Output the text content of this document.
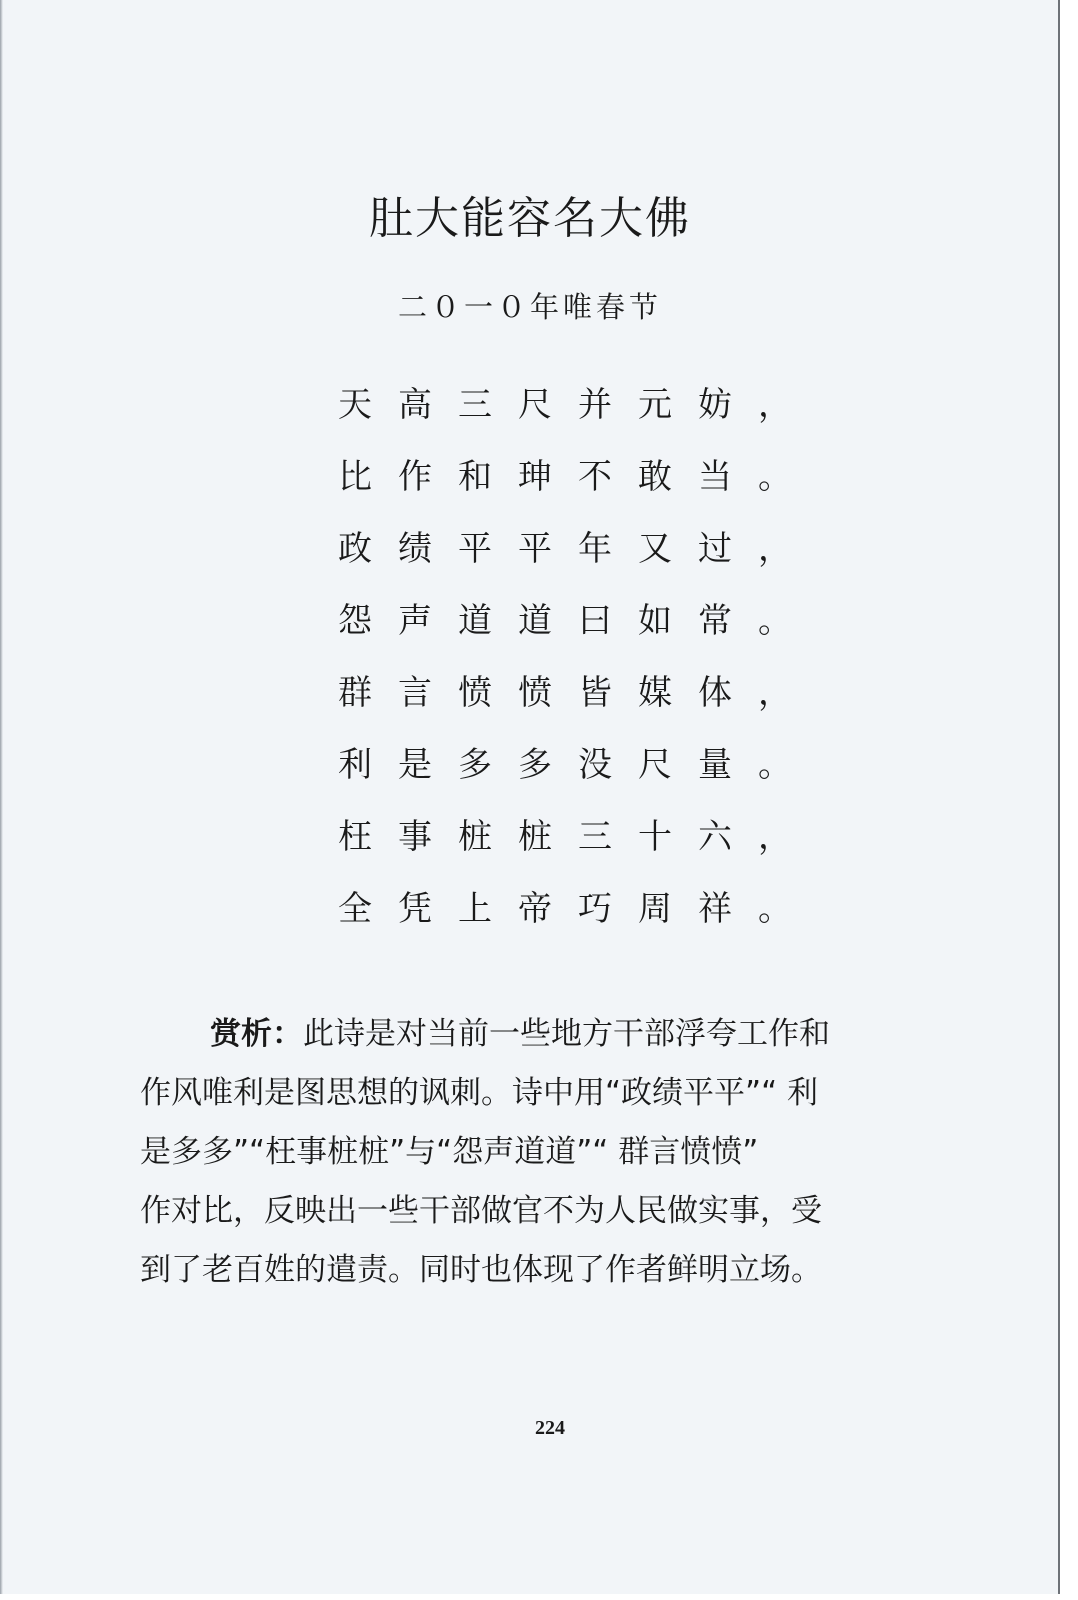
肚大能容名大佛
二０一０年唯春节
天高三尺并元妨，
比作和珅不敢当。
政绩平平年又过，
怨声道道曰如常。
群言愤愤皆媒体，
利是多多没尺量。
枉事桩桩三十六，
全凭上帝巧周祥。
赏析：此诗是对当前一些地方干部浮夸工作和
作风唯利是图思想的讽刺。诗中用“政绩平平”“ 利
是多多”“枉事桩桩”与“怨声道道”“ 群言愤愤”
作对比，反映出一些干部做官不为人民做实事，受
到了老百姓的遣责。同时也体现了作者鲜明立场。
224
